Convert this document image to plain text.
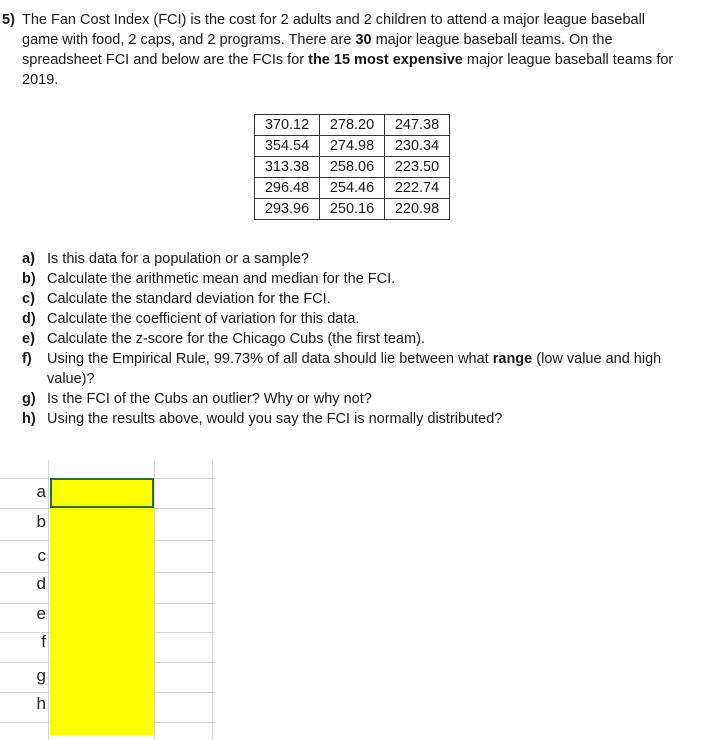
5) The Fan Cost Index (FCI) is the cost for 2 adults and 2 children to attend a major league baseball game with food, 2 caps, and 2 programs. There are 30 major league baseball teams. On the spreadsheet FCI and below are the FCIs for the 15 most expensive major league baseball teams for 2019.
370.12	278.20	247.38
354.54	274.98	230.34
313.38	258.06	223.50
296.48	254.46	222.74
293.96	250.16	220.98
a) Is this data for a population or a sample?
b) Calculate the arithmetic mean and median for the FCI.
c) Calculate the standard deviation for the FCI.
d) Calculate the coefficient of variation for this data.
e) Calculate the z-score for the Chicago Cubs (the first team).
f) Using the Empirical Rule, 99.73% of all data should lie between what range (low value and high value)?
g) Is the FCI of the Cubs an outlier? Why or why not?
h) Using the results above, would you say the FCI is normally distributed?
a
b
c
d
e
f
g
h
